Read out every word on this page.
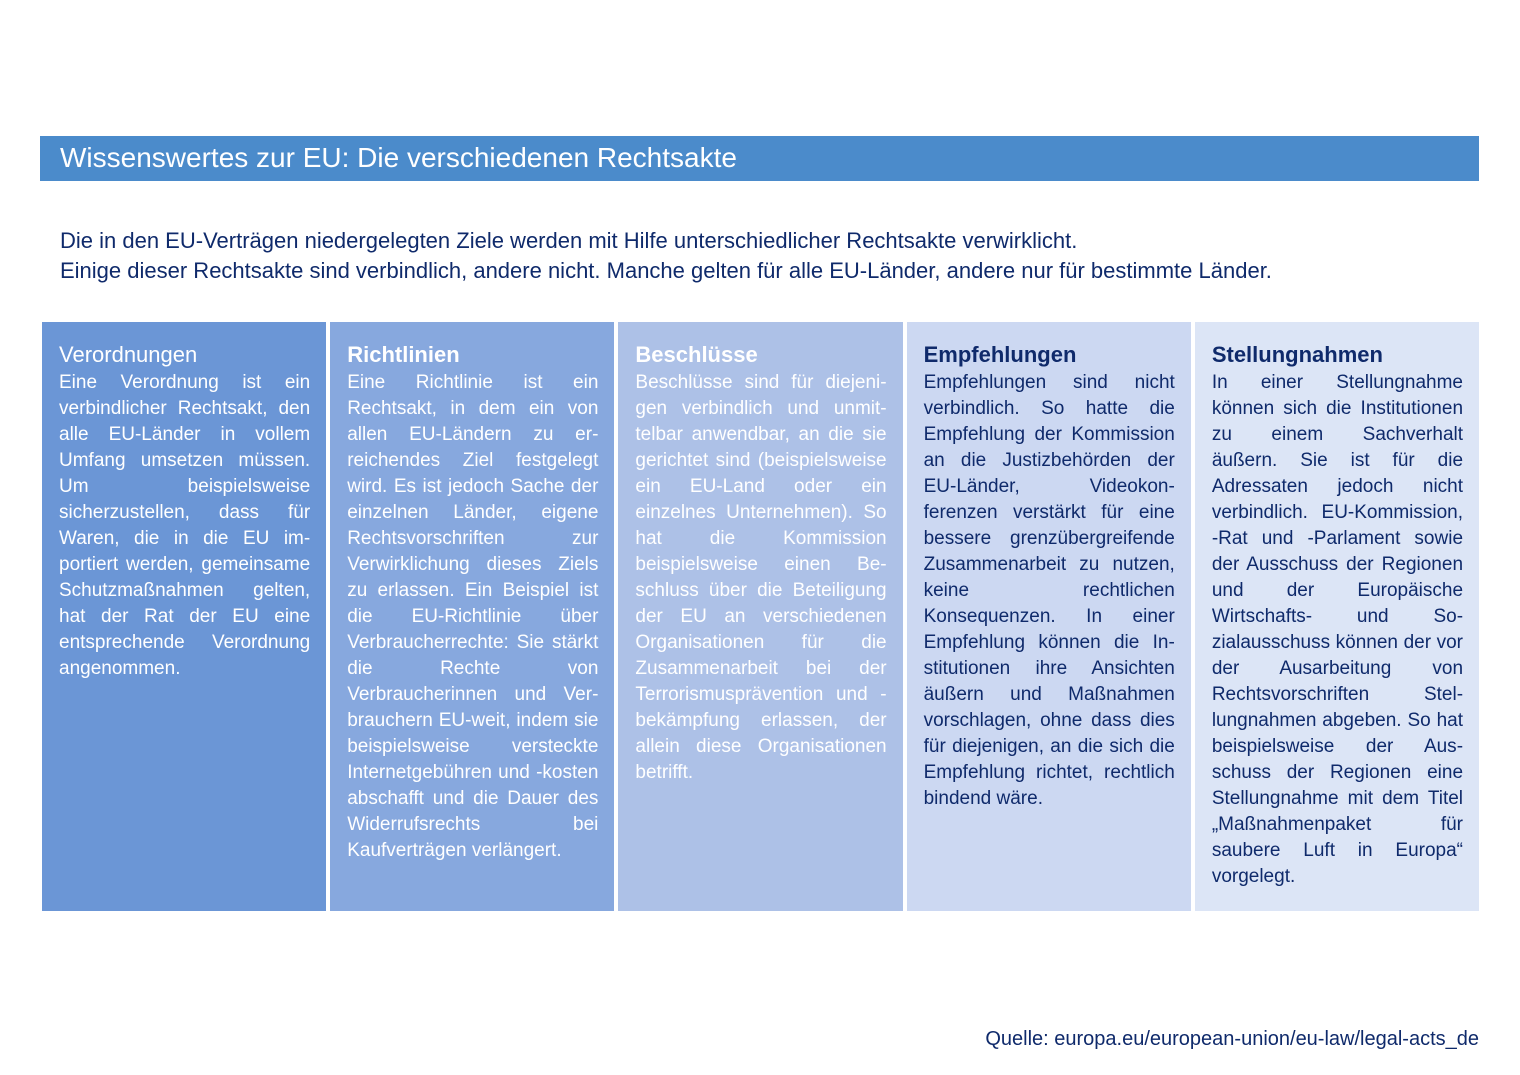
Wissenswertes zur EU: Die verschiedenen Rechtsakte

Die in den EU-Verträgen niedergelegten Ziele werden mit Hilfe unterschiedlicher Rechtsakte verwirklicht.

Einige dieser Rechtsakte sind verbindlich, andere nicht. Manche gelten für alle EU-Länder, andere nur für bestimmte Länder.

Verordnungen

Eine Verordnung ist ein verbindlicher Rechtsakt, den alle EU-Länder in vollem Umfang umsetzen müssen. Um beispielsweise sicherzustellen, dass für Waren, die in die EU im-portiert werden, gemeinsame Schutzmaßnahmen gelten, hat der Rat der EU eine entsprechende Verordnung angenommen.

Richtlinien

Eine Richtlinie ist ein Rechtsakt, in dem ein von allen EU-Ländern zu erreichendes Ziel festgelegt wird. Es ist jedoch Sache der einzelnen Länder, eigene Rechtsvorschriften zur Verwirklichung dieses Ziels zu erlassen. Ein Beispiel ist die EU-Richtlinie über Verbraucherrechte: Sie stärkt die Rechte von Verbraucherinnen und Verbrauchern EU-weit, indem sie beispielsweise versteckte Internetgebühren und -kosten abschafft und die Dauer des Widerrufsrechts bei Kaufverträgen verlängert.

Beschlüsse

Beschlüsse sind für diejenigen verbindlich und unmittelbar anwendbar, an die sie gerichtet sind (beispielsweise ein EU-Land oder ein einzelnes Unternehmen). So hat die Kommission beispielsweise einen Beschluss über die Beteiligung der EU an verschiedenen Organisationen für die Zusammenarbeit bei der Terrorismusprävention und -bekämpfung erlassen, der allein diese Organisationen betrifft.

Empfehlungen

Empfehlungen sind nicht verbindlich. So hatte die Empfehlung der Kommission an die Justizbehörden der EU-Länder, Videokonferenzen verstärkt für eine bessere grenzübergreifende Zusammenarbeit zu nutzen, keine rechtlichen Konsequenzen. In einer Empfehlung können die Institutionen ihre Ansichten äußern und Maßnahmen vorschlagen, ohne dass dies für diejenigen, an die sich die Empfehlung richtet, rechtlich bindend wäre.

Stellungnahmen

In einer Stellungnahme können sich die Institutionen zu einem Sachverhalt äußern. Sie ist für die Adressaten jedoch nicht verbindlich. EU-Kommission, -Rat und -Parlament sowie der Ausschuss der Regionen und der Europäische Wirtschafts- und Sozialausschuss können der vor der Ausarbeitung von Rechtsvorschriften Stellungnahmen abgeben. So hat beispielsweise der Ausschuss der Regionen eine Stellungnahme mit dem Titel „Maßnahmenpaket für saubere Luft in Europa“ vorgelegt.

Quelle: europa.eu/european-union/eu-law/legal-acts_de
